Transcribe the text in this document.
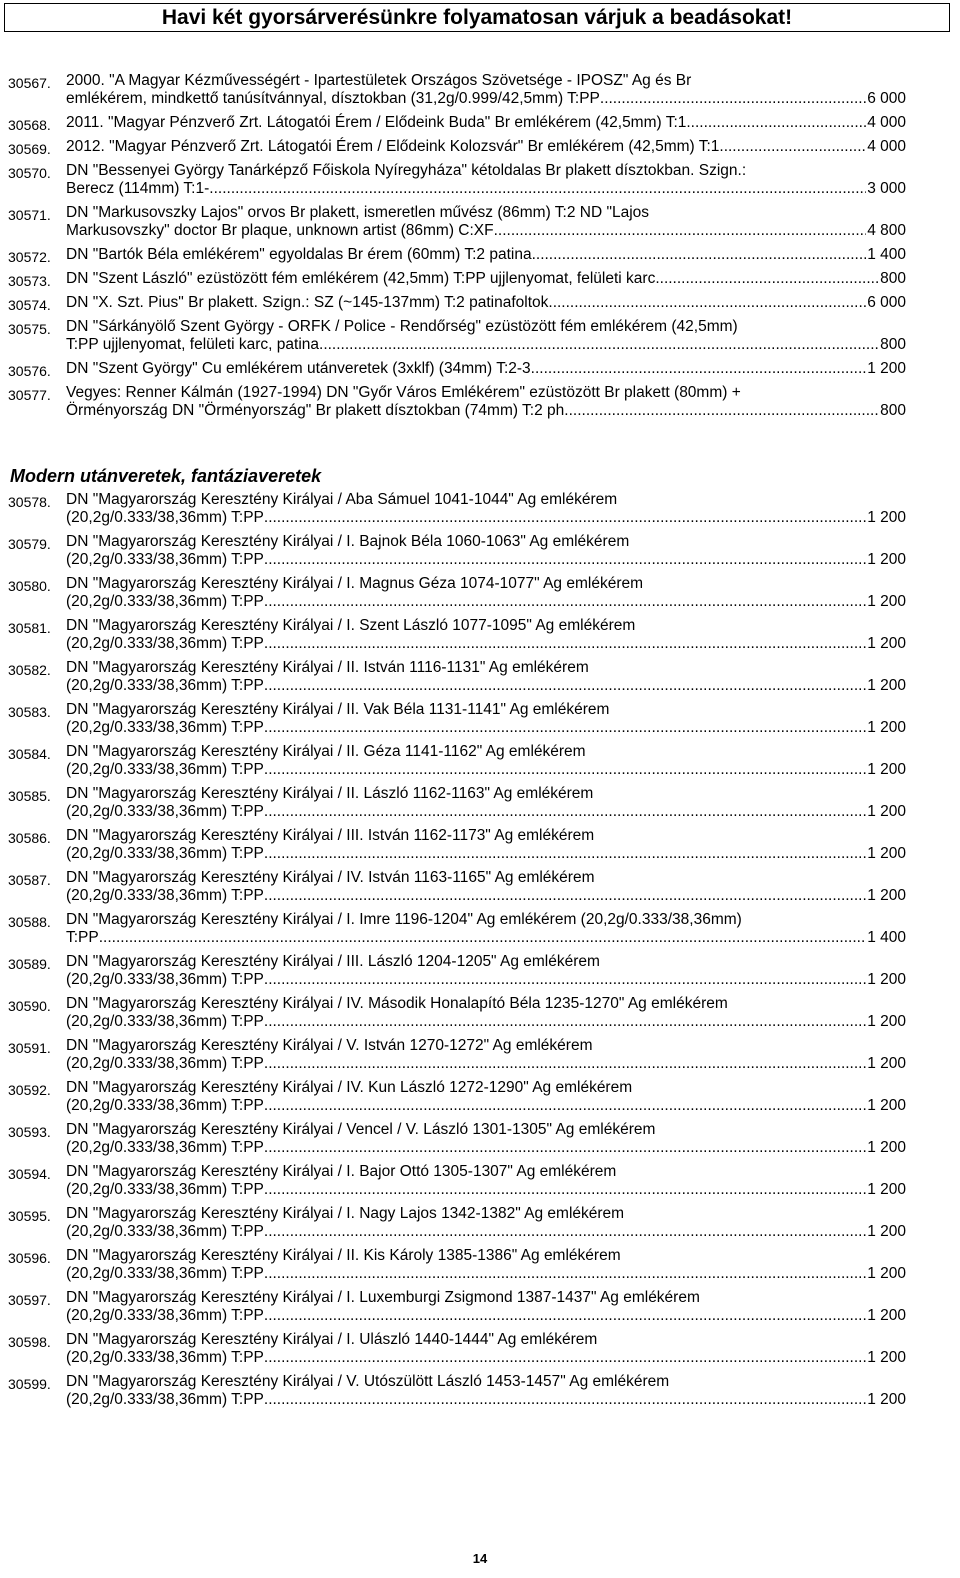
Havi két gyorsárverésünkre folyamatosan várjuk a beadásokat!
30567. 2000. "A Magyar Kézművességért - Ipartestületek Országos Szövetsége - IPOSZ" Ag és Br
emlékérem, mindkettő tanúsítvánnyal, dísztokban (31,2g/0.999/42,5mm) T:PP .....	6 000
30568. 2011. "Magyar Pénzverő Zrt. Látogatói Érem / Elődeink Buda" Br emlékérem (42,5mm) T:1 .....	4 000
30569. 2012. "Magyar Pénzverő Zrt. Látogatói Érem / Elődeink Kolozsvár" Br emlékérem (42,5mm) T:1 .....	4 000
30570. DN "Bessenyei György Tanárképző Főiskola Nyíregyháza" kétoldalas Br plakett dísztokban. Szign.:
Berecz (114mm) T:1- .....	3 000
30571. DN "Markusovszky Lajos" orvos Br plakett, ismeretlen művész (86mm) T:2 ND "Lajos
Markusovszky" doctor Br plaque, unknown artist (86mm) C:XF .....	4 800
30572. DN "Bartók Béla emlékérem" egyoldalas Br érem (60mm) T:2 patina .....	1 400
30573. DN "Szent László" ezüstözött fém emlékérem (42,5mm) T:PP ujjlenyomat, felületi karc .....	800
30574. DN "X. Szt. Pius" Br plakett. Szign.: SZ (~145-137mm) T:2 patinafoltok .....	6 000
30575. DN "Sárkányölő Szent György - ORFK / Police - Rendőrség" ezüstözött fém emlékérem (42,5mm)
T:PP ujjlenyomat, felületi karc, patina .....	800
30576. DN "Szent György" Cu emlékérem utánveretek (3xklf) (34mm) T:2-3 .....	1 200
30577. Vegyes: Renner Kálmán (1927-1994) DN "Győr Város Emlékérem" ezüstözött Br plakett (80mm) +
Örményország DN "Örményország" Br plakett dísztokban (74mm) T:2 ph. .....	800
Modern utánveretek, fantáziaveretek
30578. DN "Magyarország Keresztény Királyai / Aba Sámuel 1041-1044" Ag emlékérem
(20,2g/0.333/38,36mm) T:PP .....	1 200
30579. DN "Magyarország Keresztény Királyai / I. Bajnok Béla 1060-1063" Ag emlékérem
(20,2g/0.333/38,36mm) T:PP .....	1 200
30580. DN "Magyarország Keresztény Királyai / I. Magnus Géza 1074-1077" Ag emlékérem
(20,2g/0.333/38,36mm) T:PP .....	1 200
30581. DN "Magyarország Keresztény Királyai / I. Szent László 1077-1095" Ag emlékérem
(20,2g/0.333/38,36mm) T:PP .....	1 200
30582. DN "Magyarország Keresztény Királyai / II. István 1116-1131" Ag emlékérem
(20,2g/0.333/38,36mm) T:PP .....	1 200
30583. DN "Magyarország Keresztény Királyai / II. Vak Béla 1131-1141" Ag emlékérem
(20,2g/0.333/38,36mm) T:PP .....	1 200
30584. DN "Magyarország Keresztény Királyai / II. Géza 1141-1162" Ag emlékérem
(20,2g/0.333/38,36mm) T:PP .....	1 200
30585. DN "Magyarország Keresztény Királyai / II. László 1162-1163" Ag emlékérem
(20,2g/0.333/38,36mm) T:PP .....	1 200
30586. DN "Magyarország Keresztény Királyai / III. István 1162-1173" Ag emlékérem
(20,2g/0.333/38,36mm) T:PP .....	1 200
30587. DN "Magyarország Keresztény Királyai / IV. István 1163-1165" Ag emlékérem
(20,2g/0.333/38,36mm) T:PP .....	1 200
30588. DN "Magyarország Keresztény Királyai / I. Imre 1196-1204" Ag emlékérem (20,2g/0.333/38,36mm)
T:PP .....	1 400
30589. DN "Magyarország Keresztény Királyai / III. László 1204-1205" Ag emlékérem
(20,2g/0.333/38,36mm) T:PP .....	1 200
30590. DN "Magyarország Keresztény Királyai / IV. Második Honalapító Béla 1235-1270" Ag emlékérem
(20,2g/0.333/38,36mm) T:PP .....	1 200
30591. DN "Magyarország Keresztény Királyai / V. István 1270-1272" Ag emlékérem
(20,2g/0.333/38,36mm) T:PP .....	1 200
30592. DN "Magyarország Keresztény Királyai / IV. Kun László 1272-1290" Ag emlékérem
(20,2g/0.333/38,36mm) T:PP .....	1 200
30593. DN "Magyarország Keresztény Királyai / Vencel / V. László 1301-1305" Ag emlékérem
(20,2g/0.333/38,36mm) T:PP .....	1 200
30594. DN "Magyarország Keresztény Királyai / I. Bajor Ottó 1305-1307" Ag emlékérem
(20,2g/0.333/38,36mm) T:PP .....	1 200
30595. DN "Magyarország Keresztény Királyai / I. Nagy Lajos 1342-1382" Ag emlékérem
(20,2g/0.333/38,36mm) T:PP .....	1 200
30596. DN "Magyarország Keresztény Királyai / II. Kis Károly 1385-1386" Ag emlékérem
(20,2g/0.333/38,36mm) T:PP .....	1 200
30597. DN "Magyarország Keresztény Királyai / I. Luxemburgi Zsigmond 1387-1437" Ag emlékérem
(20,2g/0.333/38,36mm) T:PP .....	1 200
30598. DN "Magyarország Keresztény Királyai / I. Ulászló 1440-1444" Ag emlékérem
(20,2g/0.333/38,36mm) T:PP .....	1 200
30599. DN "Magyarország Keresztény Királyai / V. Utószülött László 1453-1457" Ag emlékérem
(20,2g/0.333/38,36mm) T:PP .....	1 200
14
